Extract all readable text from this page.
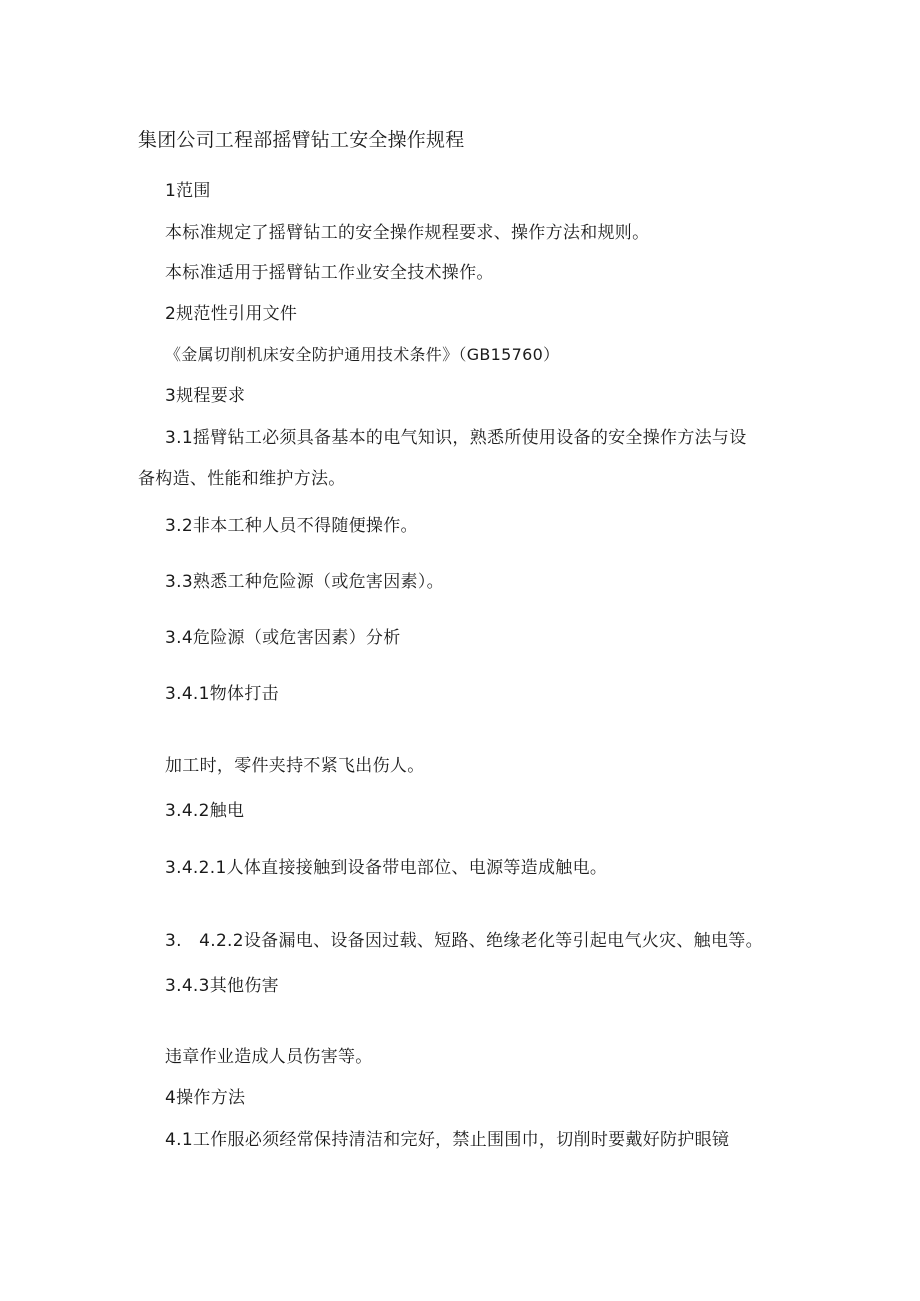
集团公司工程部摇臂钻工安全操作规程
1范围
本标准规定了摇臂钻工的安全操作规程要求、操作方法和规则。
本标准适用于摇臂钻工作业安全技术操作。
2规范性引用文件
《金属切削机床安全防护通用技术条件》（GB15760）
3规程要求
3.1摇臂钻工必须具备基本的电气知识，熟悉所使用设备的安全操作方法与设
备构造、性能和维护方法。
3.2非本工种人员不得随便操作。
3.3熟悉工种危险源（或危害因素）。
3.4危险源（或危害因素）分析
3.4.1物体打击
加工时，零件夹持不紧飞出伤人。
3.4.2触电
3.4.2.1人体直接接触到设备带电部位、电源等造成触电。
3.　4.2.2设备漏电、设备因过载、短路、绝缘老化等引起电气火灾、触电等。
3.4.3其他伤害
违章作业造成人员伤害等。
4操作方法
4.1工作服必须经常保持清洁和完好，禁止围围巾，切削时要戴好防护眼镜
